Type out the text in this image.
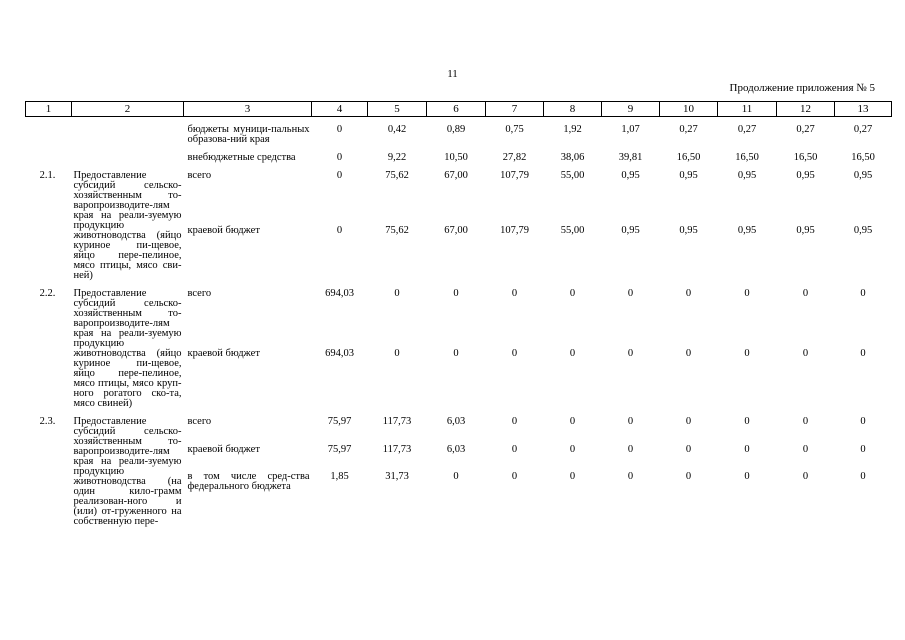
11
Продолжение приложения № 5
1	2	3	4	5	6	7	8	9	10	11	12	13

		бюджеты муници-пальных образова-ний края	0	0,42	0,89	0,75	1,92	1,07	0,27	0,27	0,27	0,27

		внебюджетные средства	0	9,22	10,50	27,82	38,06	39,81	16,50	16,50	16,50	16,50

2.1.	Предоставление субсидий сельско-хозяйственным то-варопроизводите-лям края на реали-зуемую продукцию животноводства (яйцо куриное пи-щевое, яйцо пере-пелиное, мясо птицы, мясо сви-ней)	всего	0	75,62	67,00	107,79	55,00	0,95	0,95	0,95	0,95	0,95
		краевой бюджет	0	75,62	67,00	107,79	55,00	0,95	0,95	0,95	0,95	0,95

2.2.	Предоставление субсидий сельско-хозяйственным то-варопроизводите-лям края на реали-зуемую продукцию животноводства (яйцо куриное пи-щевое, яйцо пере-пелиное, мясо птицы, мясо круп-ного рогатого ско-та, мясо свиней)	всего	694,03	0	0	0	0	0	0	0	0	0
		краевой бюджет	694,03	0	0	0	0	0	0	0	0	0

2.3.	Предоставление субсидий сельско-хозяйственным то-варопроизводите-лям края на реали-зуемую продукцию животноводства (на один кило-грамм реализован-ного и (или) от-груженного на собственную пере-	всего	75,97	117,73	6,03	0	0	0	0	0	0	0
		краевой бюджет	75,97	117,73	6,03	0	0	0	0	0	0	0
		в том числе сред-ства федерального бюджета	1,85	31,73	0	0	0	0	0	0	0	0
